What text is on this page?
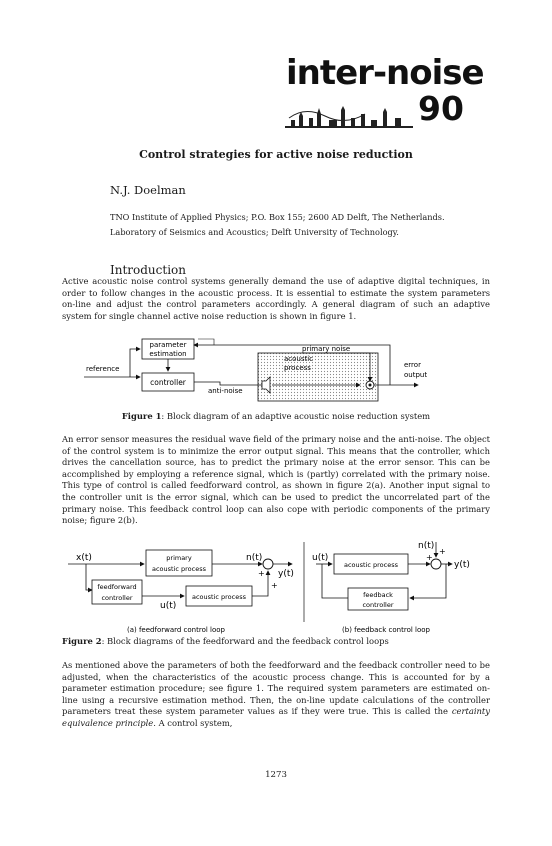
inter-noise
90
Control strategies for active noise reduction
N.J. Doelman
TNO Institute of Applied Physics; P.O. Box 155; 2600 AD Delft, The Netherlands.
Laboratory of Seismics and Acoustics; Delft University of Technology.
Introduction
Active acoustic noise control systems generally demand the use of adaptive digital techniques, in order to follow changes in the acoustic process. It is essential to estimate the system parameters on-line and adjust the control parameters accordingly. A general diagram of such an adaptive system for single channel active noise reduction is shown in figure 1.
parameter
estimation
acoustic
process
primary noise
controller
reference
anti-noise
error
output
Figure 1: Block diagram of an adaptive acoustic noise reduction system
An error sensor measures the residual wave field of the primary noise and the anti-noise. The object of the control system is to minimize the error output signal. This means that the controller, which drives the cancellation source, has to predict the primary noise at the error sensor. This can be accomplished by employing a reference signal, which is (partly) correlated with the primary noise. This type of control is called feedforward control, as shown in figure 2(a). Another input signal to the controller unit is the error signal, which can be used to predict the uncorrelated part of the primary noise. This feedback control loop can also cope with periodic components of the primary noise; figure 2(b).
x(t)	primary
acoustic process
n(t)
+
+
y(t)
feedforward
controller
u(t)
acoustic process
(a) feedforward control loop
u(t)
acoustic process
n(t)
+
+
y(t)
feedback
controller
(b) feedback control loop
Figure 2: Block diagrams of the feedforward and the feedback control loops
As mentioned above the parameters of both the feedforward and the feedback controller need to be adjusted, when the characteristics of the acoustic process change. This is accounted for by a parameter estimation procedure; see figure 1. The required system parameters are estimated on-line using a recursive estimation method. Then, the on-line update calculations of the controller parameters treat these system parameter values as if they were true. This is called the certainty equivalence principle. A control system,
1273
